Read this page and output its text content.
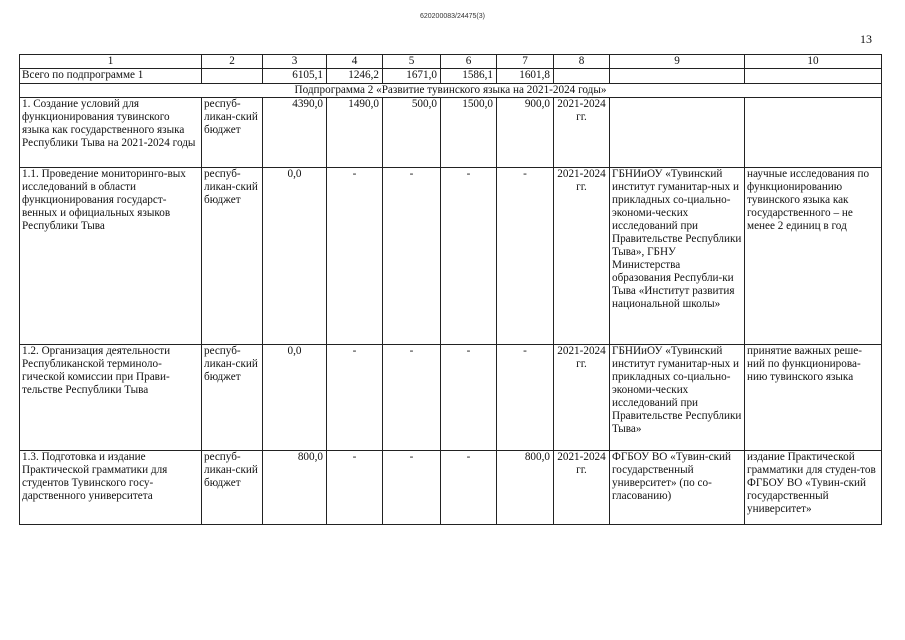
620200083/24475(3)
13
1	2	3	4	5	6	7	8	9	10
Всего по подпрограмме 1		6105,1	1246,2	1671,0	1586,1	1601,8			
Подпрограмма 2 «Развитие тувинского языка на 2021-2024 годы»									
1. Создание условий для функционирования тувинского языка как государственного языка Республики Тыва на 2021-2024 годы	респуб-ликан-ский бюджет	4390,0	1490,0	500,0	1500,0	900,0	2021-2024 гг.		
1.1. Проведение мониторинго-вых исследований в области функционирования государст-венных и официальных языков Республики Тыва	респуб-ликан-ский бюджет	0,0	-	-	-	-	2021-2024 гг.	ГБНИиОУ «Тувинский институт гуманитар-ных и прикладных со-циально-экономи-ческих исследований при Правительстве Республики Тыва», ГБНУ Министерства образования Республи-ки Тыва «Институт развития национальной школы»	научные исследования по функционированию тувинского языка как государственного – не менее 2 единиц в год
1.2. Организация деятельности Республиканской терминоло-гической комиссии при Прави-тельстве Республики Тыва	респуб-ликан-ский бюджет	0,0	-	-	-	-	2021-2024 гг.	ГБНИиОУ «Тувинский институт гуманитар-ных и прикладных со-циально-экономи-ческих исследований при Правительстве Республики Тыва»	принятие важных реше-ний по функционирова-нию тувинского языка
1.3. Подготовка и издание Практической грамматики для студентов Тувинского госу-дарственного университета	респуб-ликан-ский бюджет	800,0	-	-	-	800,0	2021-2024 гг.	ФГБОУ ВО «Тувин-ский государственный университет» (по со-гласованию)	издание Практической грамматики для студен-тов ФГБОУ ВО «Тувин-ский государственный университет»
